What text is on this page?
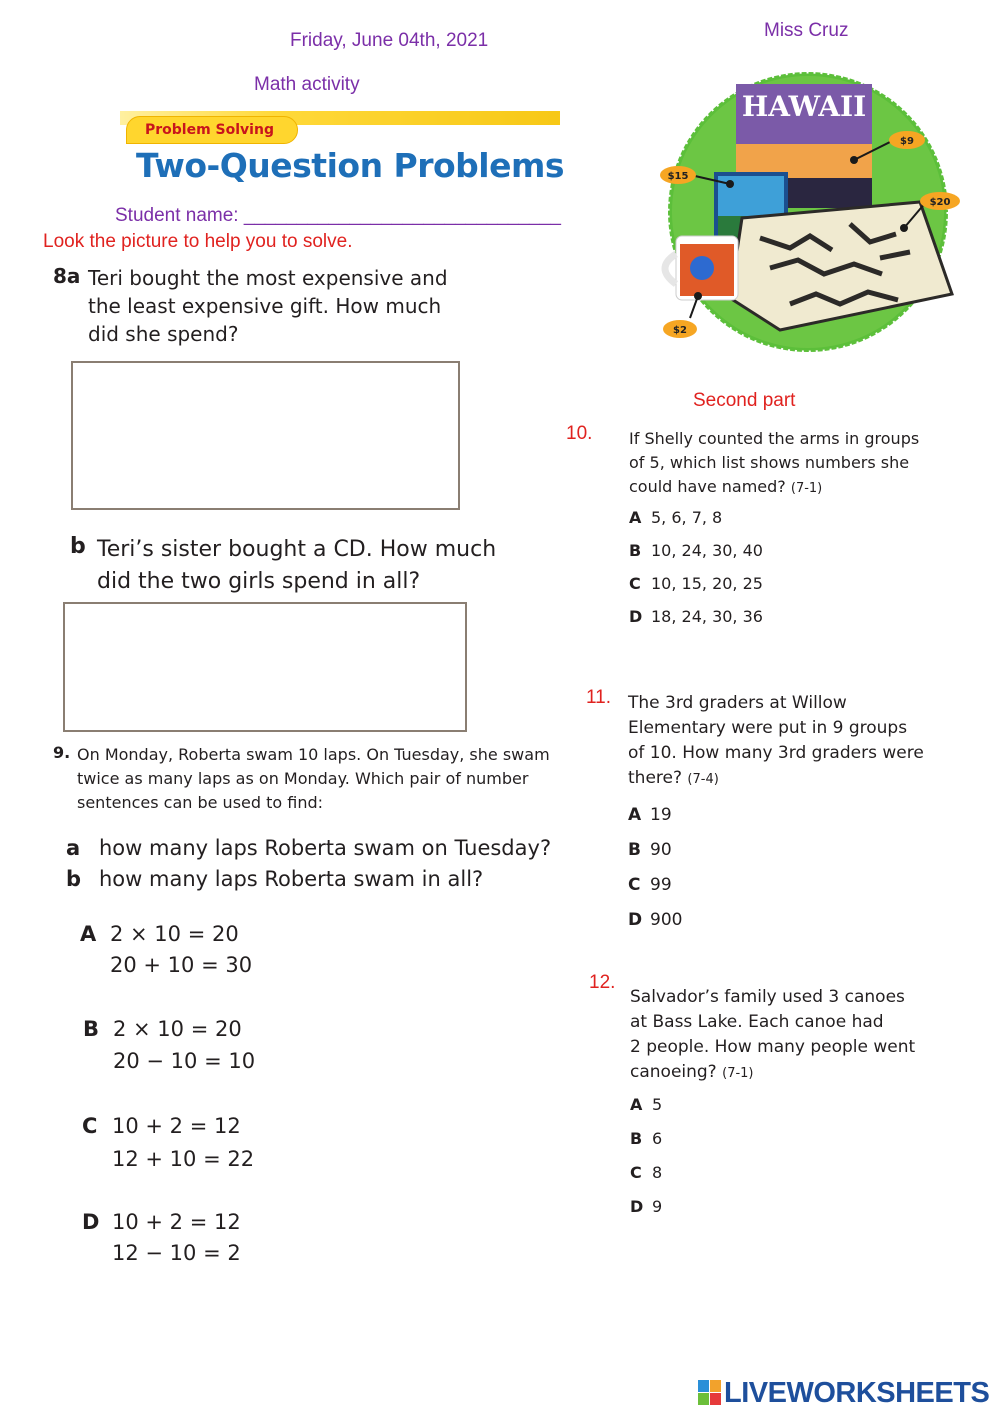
Friday, June 04th, 2021	Miss Cruz
Math activity
Problem Solving
Two-Question Problems
Student name: ______________________________
Look the picture to help you to solve.
HAWAII
$9
$15
$20
$2
8a Teri bought the most expensive and
the least expensive gift. How much
did she spend?
b Teri’s sister bought a CD. How much
did the two girls spend in all?
9. On Monday, Roberta swam 10 laps. On Tuesday, she swam
twice as many laps as on Monday. Which pair of number
sentences can be used to find:
a how many laps Roberta swam on Tuesday?
b how many laps Roberta swam in all?
A 2 × 10 = 20
20 + 10 = 30
B 2 × 10 = 20
20 − 10 = 10
C 10 + 2 = 12
12 + 10 = 22
D 10 + 2 = 12
12 − 10 = 2
Second part
10. If Shelly counted the arms in groups
of 5, which list shows numbers she
could have named? (7-1)
A 5, 6, 7, 8
B 10, 24, 30, 40
C 10, 15, 20, 25
D 18, 24, 30, 36
11. The 3rd graders at Willow
Elementary were put in 9 groups
of 10. How many 3rd graders were
there? (7-4)
A 19
B 90
C 99
D 900
12.
Salvador’s family used 3 canoes
at Bass Lake. Each canoe had
2 people. How many people went
canoeing? (7-1)
A 5
B 6
C 8
D 9
LIVEWORKSHEETS
